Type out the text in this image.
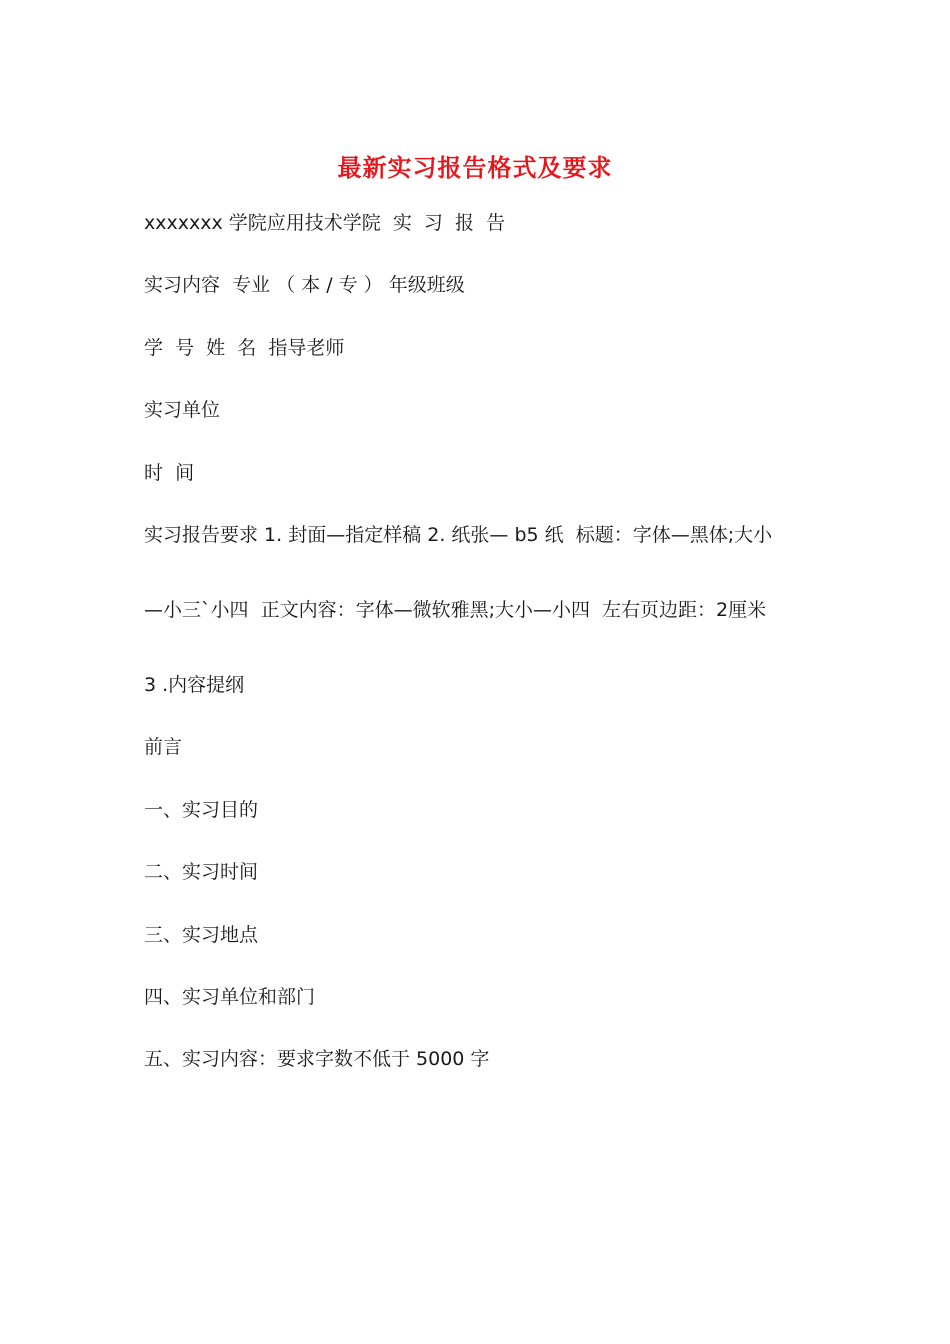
最新实习报告格式及要求
xxxxxxx 学院应用技术学院  实  习  报  告
实习内容  专业 （ 本 / 专 ） 年级班级
学  号  姓  名  指导老师
实习单位
时  间
实习报告要求 1. 封面—指定样稿 2. 纸张— b5 纸  标题：字体—黑体;大小
—小三`小四  正文内容：字体—微软雅黑;大小—小四  左右页边距：2厘米
3 .内容提纲
前言
一、实习目的
二、实习时间
三、实习地点
四、实习单位和部门
五、实习内容：要求字数不低于 5000 字
